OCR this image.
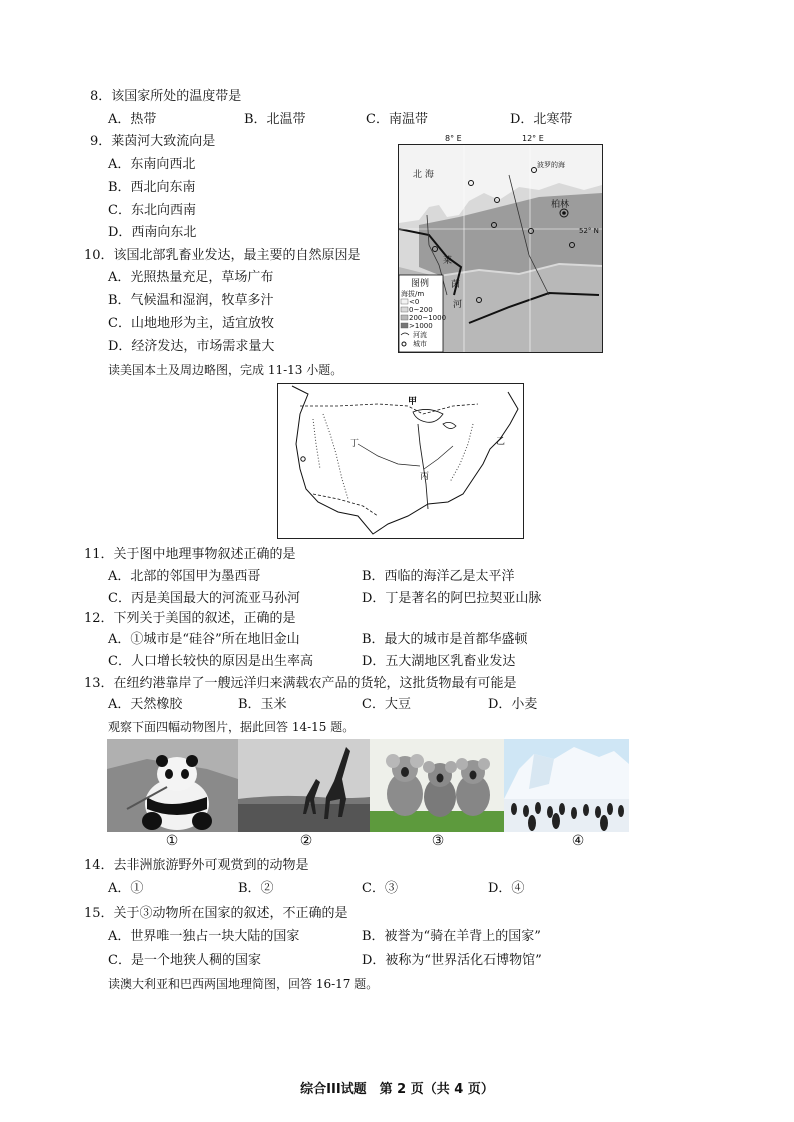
8．该国家所处的温度带是
A．热带	B．北温带	C．南温带	D．北寒带
9．莱茵河大致流向是
A．东南向西北
B．西北向东南
C．东北向西南
D．西南向东北
10．该国北部乳畜业发达，最主要的自然原因是
A．光照热量充足，草场广布
B．气候温和湿润，牧草多汁
C．山地地形为主，适宜放牧
D．经济发达，市场需求量大
北 海
波罗的海
柏林
52° N
莱
茵
河
图例
海拔/m
<0
0~200
200~1000
>1000
河流
城市
8° E	12° E
读美国本土及周边略图，完成 11-13 小题。
甲
乙
丙
丁
11．关于图中地理事物叙述正确的是
A．北部的邻国甲为墨西哥	B．西临的海洋乙是太平洋
C．丙是美国最大的河流亚马孙河	D．丁是著名的阿巴拉契亚山脉
12．下列关于美国的叙述，正确的是
A．①城市是“硅谷”所在地旧金山	B．最大的城市是首都华盛顿
C．人口增长较快的原因是出生率高	D．五大湖地区乳畜业发达
13．在纽约港靠岸了一艘远洋归来满载农产品的货轮，这批货物最有可能是
A．天然橡胶	B．玉米	C．大豆	D．小麦
观察下面四幅动物图片，据此回答 14-15 题。
①	②	③	④
14．去非洲旅游野外可观赏到的动物是
A．①	B．②	C．③	D．④
15．关于③动物所在国家的叙述，不正确的是
A．世界唯一独占一块大陆的国家	B．被誉为“骑在羊背上的国家”
C．是一个地狭人稠的国家	D．被称为“世界活化石博物馆”
读澳大利亚和巴西两国地理简图，回答 16-17 题。
综合III试题　第 2 页（共 4 页）
